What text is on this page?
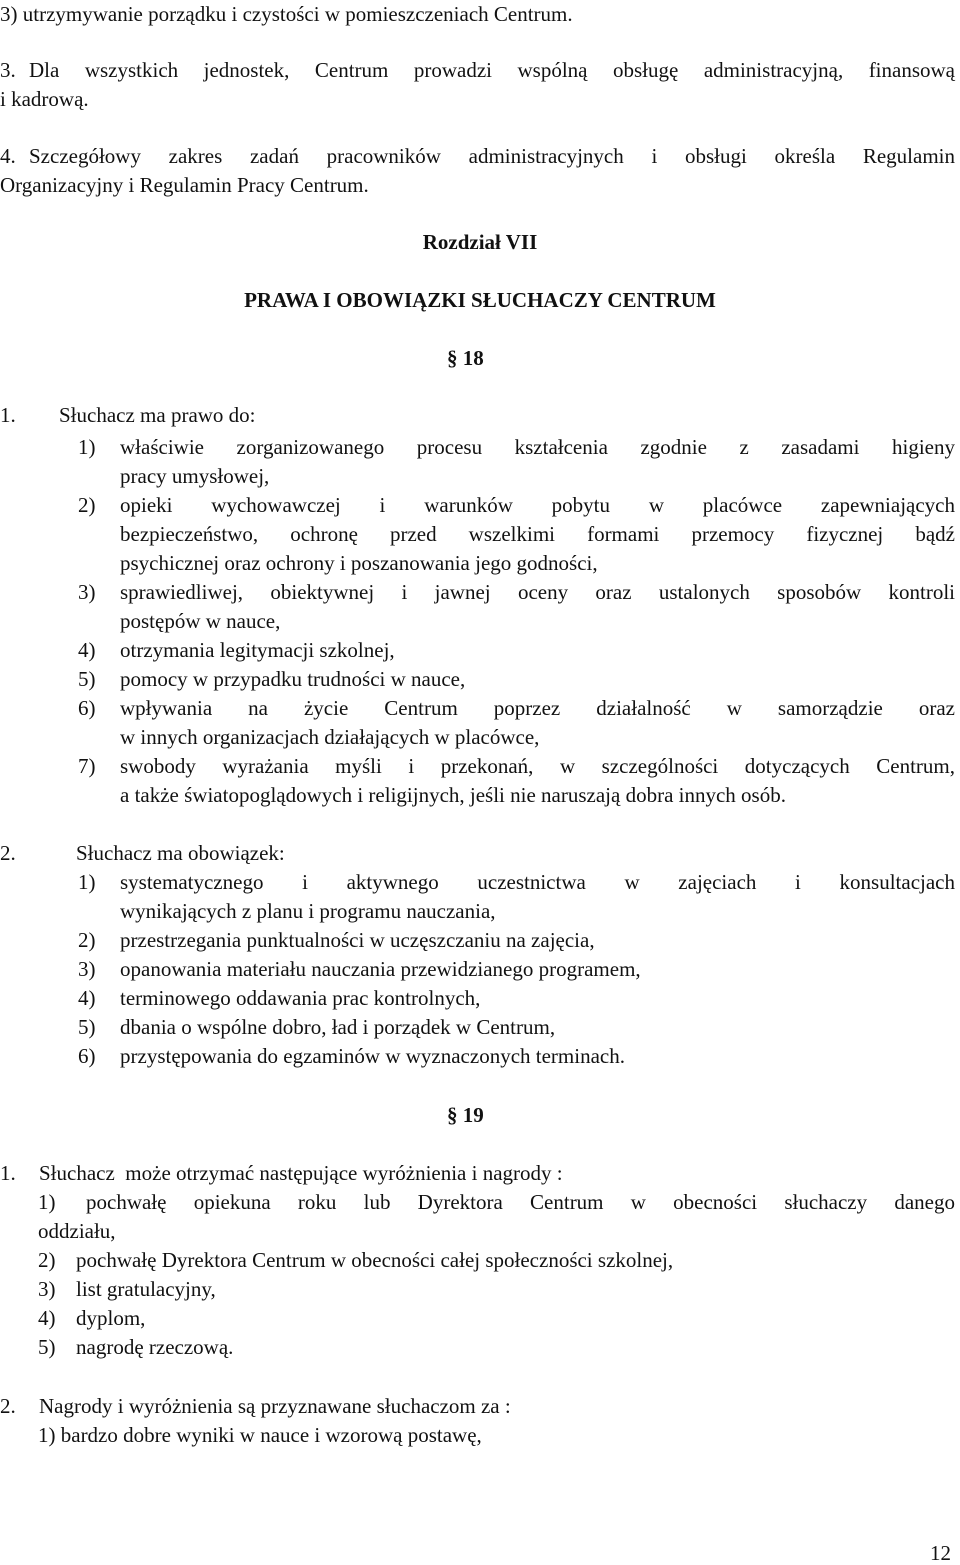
3) utrzymywanie porządku i czystości w pomieszczeniach Centrum.
3. Dla wszystkich jednostek, Centrum prowadzi wspólną obsługę administracyjną, finansową
i kadrową.
4. Szczegółowy zakres zadań pracowników administracyjnych i obsługi określa Regulamin
Organizacyjny i Regulamin Pracy Centrum.
Rozdział VII
PRAWA I OBOWIĄZKI SŁUCHACZY CENTRUM
§ 18
1. Słuchacz ma prawo do:
1) właściwie zorganizowanego procesu kształcenia zgodnie z zasadami higieny
pracy umysłowej,
2) opieki wychowawczej i warunków pobytu w placówce zapewniających
bezpieczeństwo, ochronę przed wszelkimi formami przemocy fizycznej bądź
psychicznej oraz ochrony i poszanowania jego godności,
3) sprawiedliwej, obiektywnej i jawnej oceny oraz ustalonych sposobów kontroli
postępów w nauce,
4) otrzymania legitymacji szkolnej,
5) pomocy w przypadku trudności w nauce,
6) wpływania na życie Centrum poprzez działalność w samorządzie oraz
w innych organizacjach działających w placówce,
7) swobody wyrażania myśli i przekonań, w szczególności dotyczących Centrum,
a także światopoglądowych i religijnych, jeśli nie naruszają dobra innych osób.
2.	Słuchacz ma obowiązek:
1) systematycznego i aktywnego uczestnictwa w zajęciach i konsultacjach
wynikających z planu i programu nauczania,
2) przestrzegania punktualności w uczęszczaniu na zajęcia,
3) opanowania materiału nauczania przewidzianego programem,
4) terminowego oddawania prac kontrolnych,
5) dbania o wspólne dobro, ład i porządek w Centrum,
6) przystępowania do egzaminów w wyznaczonych terminach.
§ 19
1. Słuchacz  może otrzymać następujące wyróżnienia i nagrody :
1) pochwałę opiekuna roku lub Dyrektora Centrum w obecności słuchaczy danego
oddziału,
2) pochwałę Dyrektora Centrum w obecności całej społeczności szkolnej,
3) list gratulacyjny,
4) dyplom,
5) nagrodę rzeczową.
2. Nagrody i wyróżnienia są przyznawane słuchaczom za :
1) bardzo dobre wyniki w nauce i wzorową postawę,
12
